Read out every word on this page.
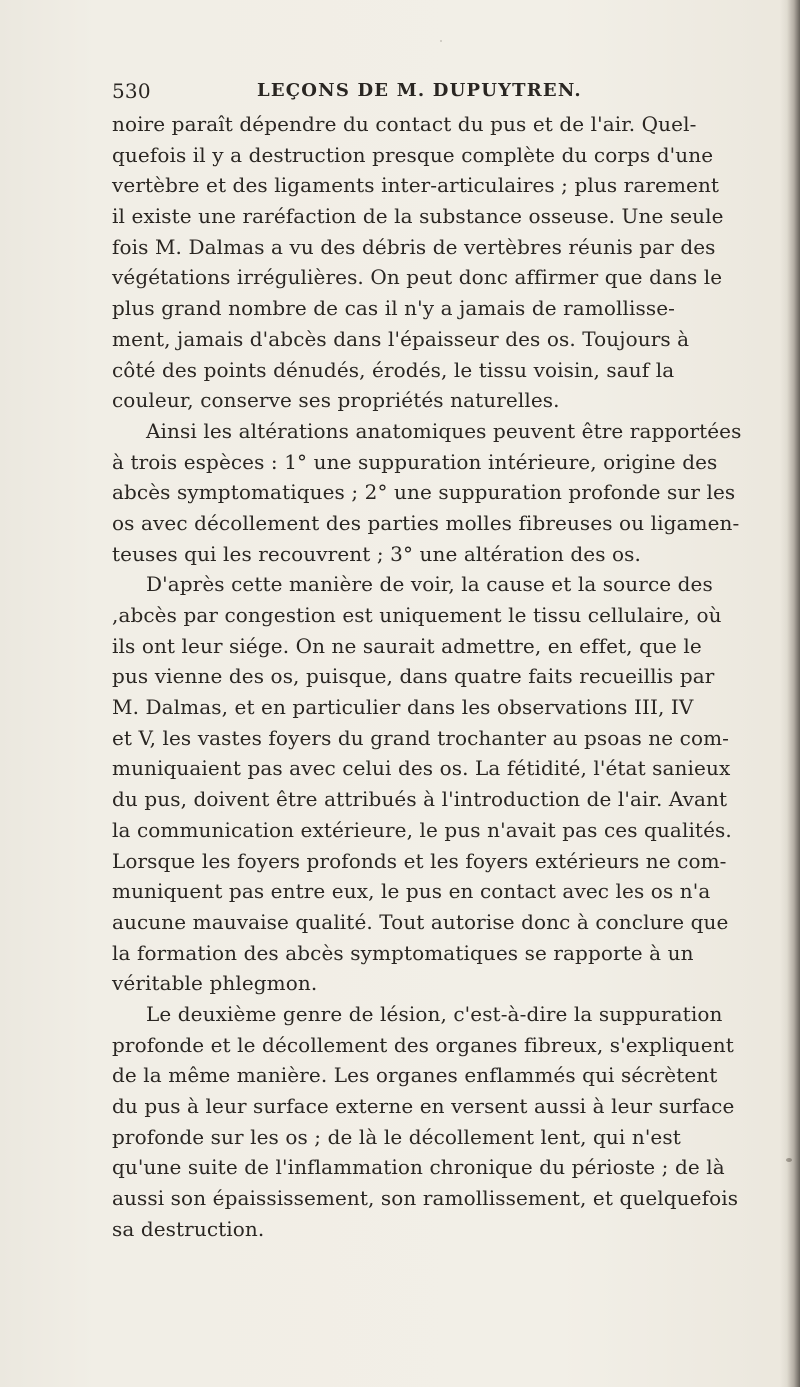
530	LEÇONS DE M. DUPUYTREN.
noire paraît dépendre du contact du pus et de l'air. Quel-
quefois il y a destruction presque complète du corps d'une
vertèbre et des ligaments inter-articulaires ; plus rarement
il existe une raréfaction de la substance osseuse. Une seule
fois M. Dalmas a vu des débris de vertèbres réunis par des
végétations irrégulières. On peut donc affirmer que dans le
plus grand nombre de cas il n'y a jamais de ramollisse-
ment, jamais d'abcès dans l'épaisseur des os. Toujours à
côté des points dénudés, érodés, le tissu voisin, sauf la
couleur, conserve ses propriétés naturelles.
Ainsi les altérations anatomiques peuvent être rapportées
à trois espèces : 1° une suppuration intérieure, origine des
abcès symptomatiques ; 2° une suppuration profonde sur les
os avec décollement des parties molles fibreuses ou ligamen-
teuses qui les recouvrent ; 3° une altération des os.
D'après cette manière de voir, la cause et la source des
,abcès par congestion est uniquement le tissu cellulaire, où
ils ont leur siége. On ne saurait admettre, en effet, que le
pus vienne des os, puisque, dans quatre faits recueillis par
M. Dalmas, et en particulier dans les observations III, IV
et V, les vastes foyers du grand trochanter au psoas ne com-
muniquaient pas avec celui des os. La fétidité, l'état sanieux
du pus, doivent être attribués à l'introduction de l'air. Avant
la communication extérieure, le pus n'avait pas ces qualités.
Lorsque les foyers profonds et les foyers extérieurs ne com-
muniquent pas entre eux, le pus en contact avec les os n'a
aucune mauvaise qualité. Tout autorise donc à conclure que
la formation des abcès symptomatiques se rapporte à un
véritable phlegmon.
Le deuxième genre de lésion, c'est-à-dire la suppuration
profonde et le décollement des organes fibreux, s'expliquent
de la même manière. Les organes enflammés qui sécrètent
du pus à leur surface externe en versent aussi à leur surface
profonde sur les os ; de là le décollement lent, qui n'est
qu'une suite de l'inflammation chronique du périoste ; de là
aussi son épaississement, son ramollissement, et quelquefois
sa destruction.
